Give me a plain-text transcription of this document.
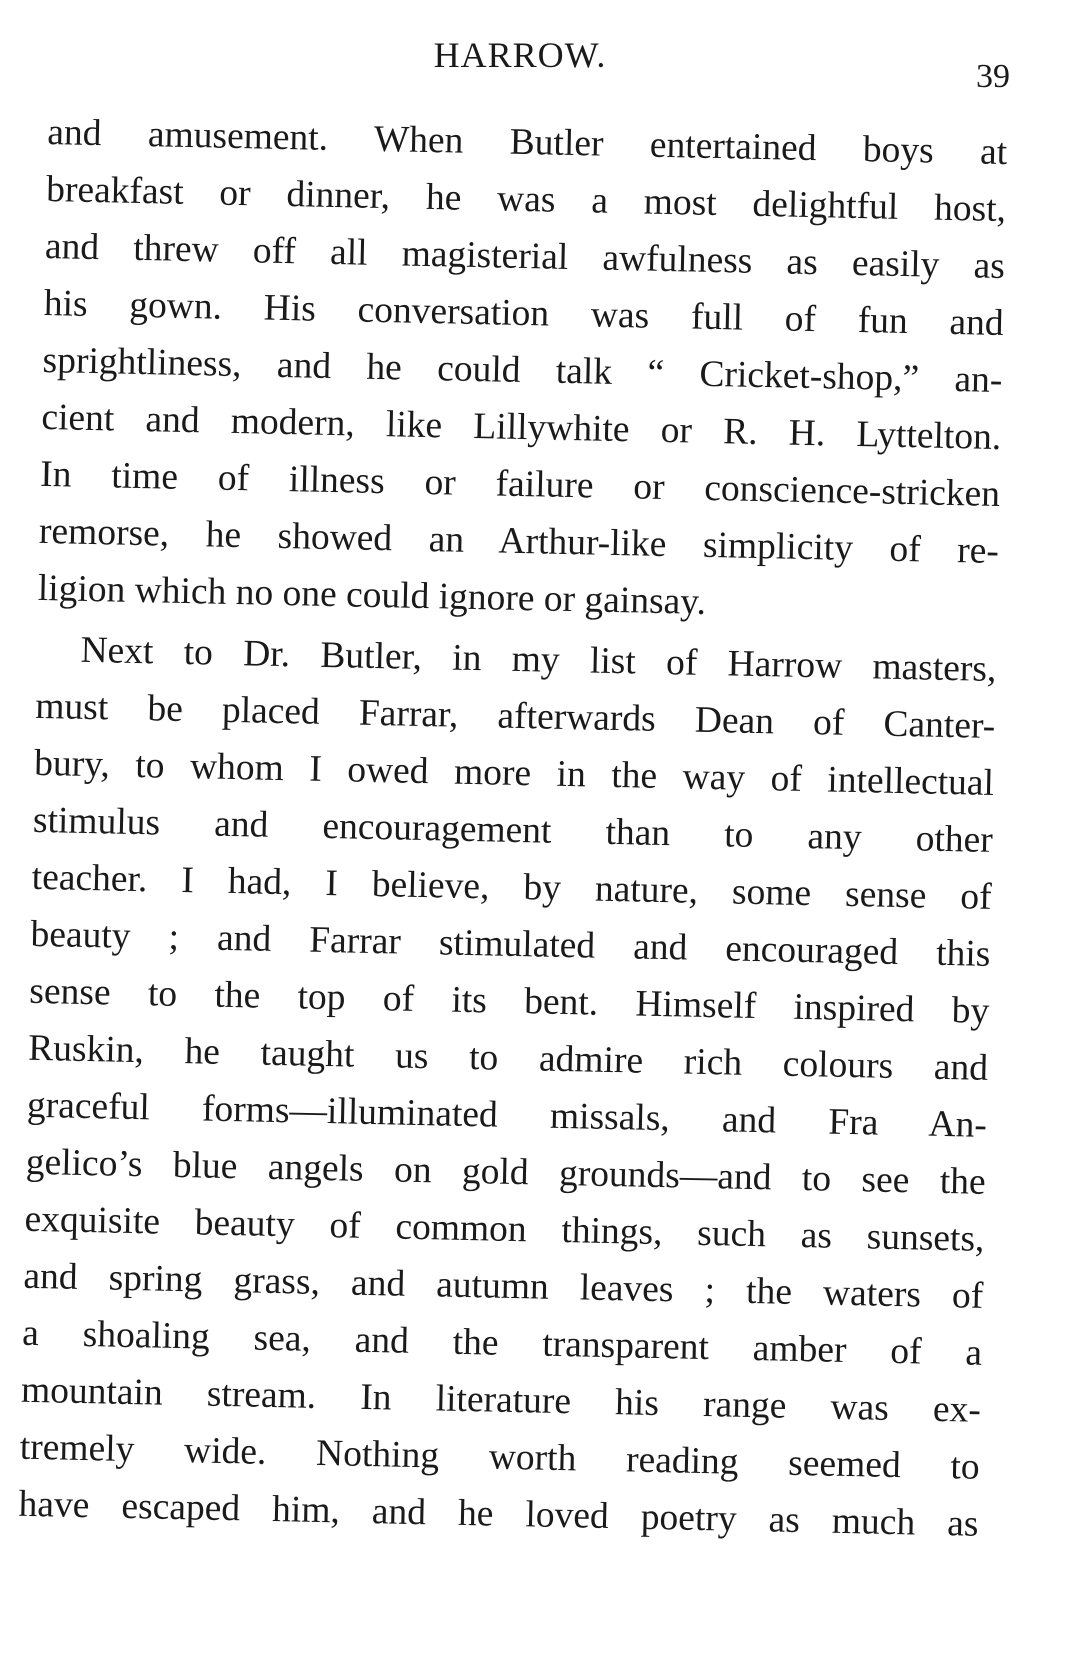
HARROW.
39
and amusement. When Butler entertained boys at
breakfast or dinner, he was a most delightful host,
and threw off all magisterial awfulness as easily as
his gown. His conversation was full of fun and
sprightliness, and he could talk “ Cricket-shop,” an-
cient and modern, like Lillywhite or R. H. Lyttelton.
In time of illness or failure or conscience-stricken
remorse, he showed an Arthur-like simplicity of re-
ligion which no one could ignore or gainsay.
Next to Dr. Butler, in my list of Harrow masters,
must be placed Farrar, afterwards Dean of Canter-
bury, to whom I owed more in the way of intellectual
stimulus and encouragement than to any other
teacher. I had, I believe, by nature, some sense of
beauty ; and Farrar stimulated and encouraged this
sense to the top of its bent. Himself inspired by
Ruskin, he taught us to admire rich colours and
graceful forms—illuminated missals, and Fra An-
gelico’s blue angels on gold grounds—and to see the
exquisite beauty of common things, such as sunsets,
and spring grass, and autumn leaves ; the waters of
a shoaling sea, and the transparent amber of a
mountain stream. In literature his range was ex-
tremely wide. Nothing worth reading seemed to
have escaped him, and he loved poetry as much as
